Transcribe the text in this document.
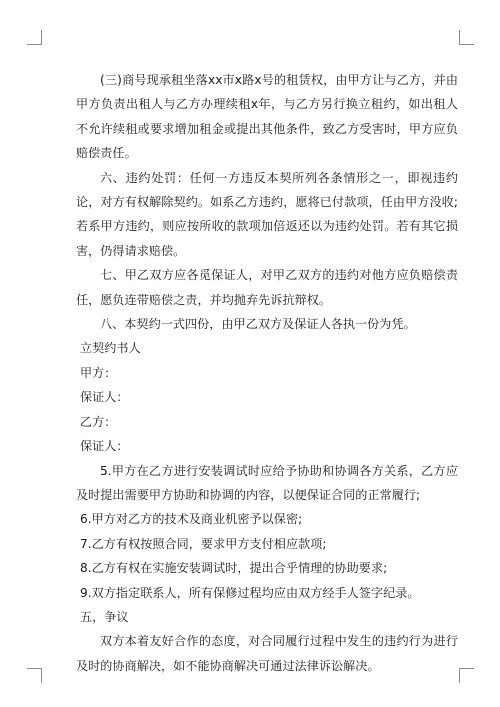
(三)商号现承租坐落xx市x路x号的租赁权，由甲方让与乙方，并由甲方负责出租人与乙方办理续租x年，与乙方另行换立租约，如出租人不允许续租或要求增加租金或提出其他条件，致乙方受害时，甲方应负赔偿责任。

六、违约处罚：任何一方违反本契所列各条情形之一，即视违约论，对方有权解除契约。如系乙方违约，愿将已付款项，任由甲方没收;若系甲方违约，则应按所收的款项加倍返还以为违约处罚。若有其它损害，仍得请求赔偿。

七、甲乙双方应各觅保证人，对甲乙双方的违约对他方应负赔偿责任，愿负连带赔偿之责，并均抛弃先诉抗辩权。

八、本契约一式四份，由甲乙双方及保证人各执一份为凭。

立契约书人

甲方：

保证人：

乙方：

保证人：

5.甲方在乙方进行安装调试时应给予协助和协调各方关系，乙方应及时提出需要甲方协助和协调的内容，以便保证合同的正常履行;

6.甲方对乙方的技术及商业机密予以保密;

7.乙方有权按照合同，要求甲方支付相应款项;

8.乙方有权在实施安装调试时，提出合乎情理的协助要求;

9.双方指定联系人，所有保修过程均应由双方经手人签字纪录。

五，争议

双方本着友好合作的态度，对合同履行过程中发生的违约行为进行及时的协商解决，如不能协商解决可通过法律诉讼解决。
